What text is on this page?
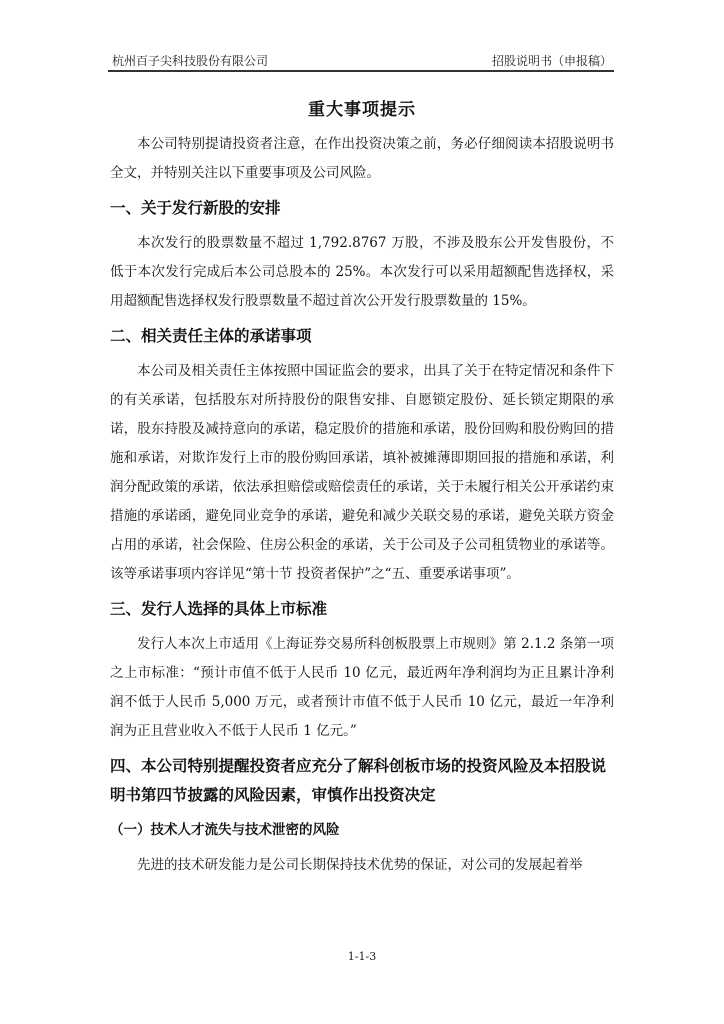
杭州百子尖科技股份有限公司	招股说明书（申报稿）
重大事项提示

本公司特别提请投资者注意，在作出投资决策之前，务必仔细阅读本招股说明书全文，并特别关注以下重要事项及公司风险。

一、关于发行新股的安排

本次发行的股票数量不超过 1,792.8767 万股，不涉及股东公开发售股份，不低于本次发行完成后本公司总股本的 25%。本次发行可以采用超额配售选择权，采用超额配售选择权发行股票数量不超过首次公开发行股票数量的 15%。

二、相关责任主体的承诺事项

本公司及相关责任主体按照中国证监会的要求，出具了关于在特定情况和条件下的有关承诺，包括股东对所持股份的限售安排、自愿锁定股份、延长锁定期限的承诺，股东持股及减持意向的承诺，稳定股价的措施和承诺，股份回购和股份购回的措施和承诺，对欺诈发行上市的股份购回承诺，填补被摊薄即期回报的措施和承诺，利润分配政策的承诺，依法承担赔偿或赔偿责任的承诺，关于未履行相关公开承诺约束措施的承诺函，避免同业竞争的承诺，避免和减少关联交易的承诺，避免关联方资金占用的承诺，社会保险、住房公积金的承诺，关于公司及子公司租赁物业的承诺等。该等承诺事项内容详见“第十节 投资者保护”之“五、重要承诺事项”。

三、发行人选择的具体上市标准

发行人本次上市适用《上海证券交易所科创板股票上市规则》第 2.1.2 条第一项之上市标准：“预计市值不低于人民币 10 亿元，最近两年净利润均为正且累计净利润不低于人民币 5,000 万元，或者预计市值不低于人民币 10 亿元，最近一年净利润为正且营业收入不低于人民币 1 亿元。”

四、本公司特别提醒投资者应充分了解科创板市场的投资风险及本招股说明书第四节披露的风险因素，审慎作出投资决定
（一）技术人才流失与技术泄密的风险

先进的技术研发能力是公司长期保持技术优势的保证，对公司的发展起着举

1-1-3
